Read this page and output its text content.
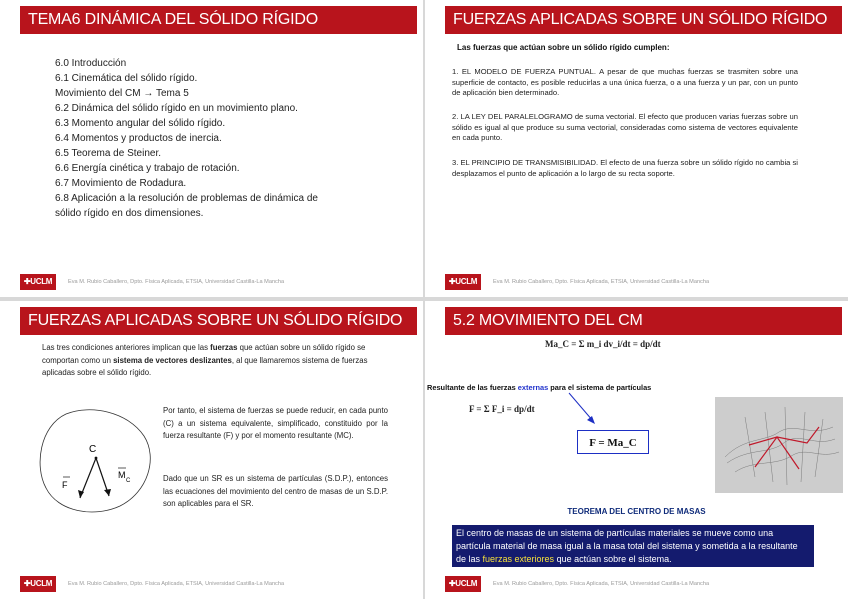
TEMA6 DINÁMICA DEL SÓLIDO RÍGIDO
6.0 Introducción
6.1 Cinemática del sólido rígido.
Movimiento del CM → Tema 5
6.2 Dinámica del sólido rígido en un movimiento plano.
6.3 Momento angular del sólido rígido.
6.4 Momentos y productos de inercia.
6.5 Teorema de Steiner.
6.6 Energía cinética y trabajo de rotación.
6.7 Movimiento de Rodadura.
6.8 Aplicación a la resolución de problemas de dinámica de
sólido rígido en dos dimensiones.
✚UCLM	Eva M. Rubio Caballero, Dpto. Física Aplicada, ETSIA, Universidad Castilla-La Mancha
FUERZAS APLICADAS SOBRE UN SÓLIDO RÍGIDO
Las fuerzas que actúan sobre un sólido rígido cumplen:
1. EL MODELO DE FUERZA PUNTUAL. A pesar de que muchas fuerzas se trasmiten sobre una superficie de contacto, es posible reducirlas a una única fuerza, o a una fuerza y un par, con un punto de aplicación bien determinado.
2. LA LEY DEL PARALELOGRAMO de suma vectorial. El efecto que producen varias fuerzas sobre un sólido es igual al que produce su suma vectorial, consideradas como sistema de vectores equivalente en cada punto.
3. EL PRINCIPIO DE TRANSMISIBILIDAD. El efecto de una fuerza sobre un sólido rígido no cambia si desplazamos el punto de aplicación a lo largo de su recta soporte.
✚UCLM	Eva M. Rubio Caballero, Dpto. Física Aplicada, ETSIA, Universidad Castilla-La Mancha
FUERZAS APLICADAS SOBRE UN SÓLIDO RÍGIDO
Las tres condiciones anteriores implican que las fuerzas que actúan sobre un sólido rígido se comportan como un sistema de vectores deslizantes, al que llamaremos sistema de fuerzas aplicadas sobre el sólido rígido.
C
F
M
C
Por tanto, el sistema de fuerzas se puede reducir, en cada punto (C) a un sistema equivalente, simplificado, constituido por la fuerza resultante (F) y por el momento resultante (MC).
Dado que un SR es un sistema de partículas (S.D.P.), entonces las ecuaciones del movimiento del centro de masas de un S.D.P. son aplicables para el SR.
✚UCLM	Eva M. Rubio Caballero, Dpto. Física Aplicada, ETSIA, Universidad Castilla-La Mancha
5.2 MOVIMIENTO DEL CM
Ma_C = Σ m_i dv_i/dt = dp/dt
Resultante de las fuerzas externas para el sistema de partículas
F = Σ F_i = dp/dt
F = Ma_C
TEOREMA DEL CENTRO DE MASAS
El centro de masas de un sistema de partículas materiales se mueve como una partícula material de masa igual a la masa total del sistema y sometida a la resultante de las fuerzas exteriores que actúan sobre el sistema.
✚UCLM	Eva M. Rubio Caballero, Dpto. Física Aplicada, ETSIA, Universidad Castilla-La Mancha
